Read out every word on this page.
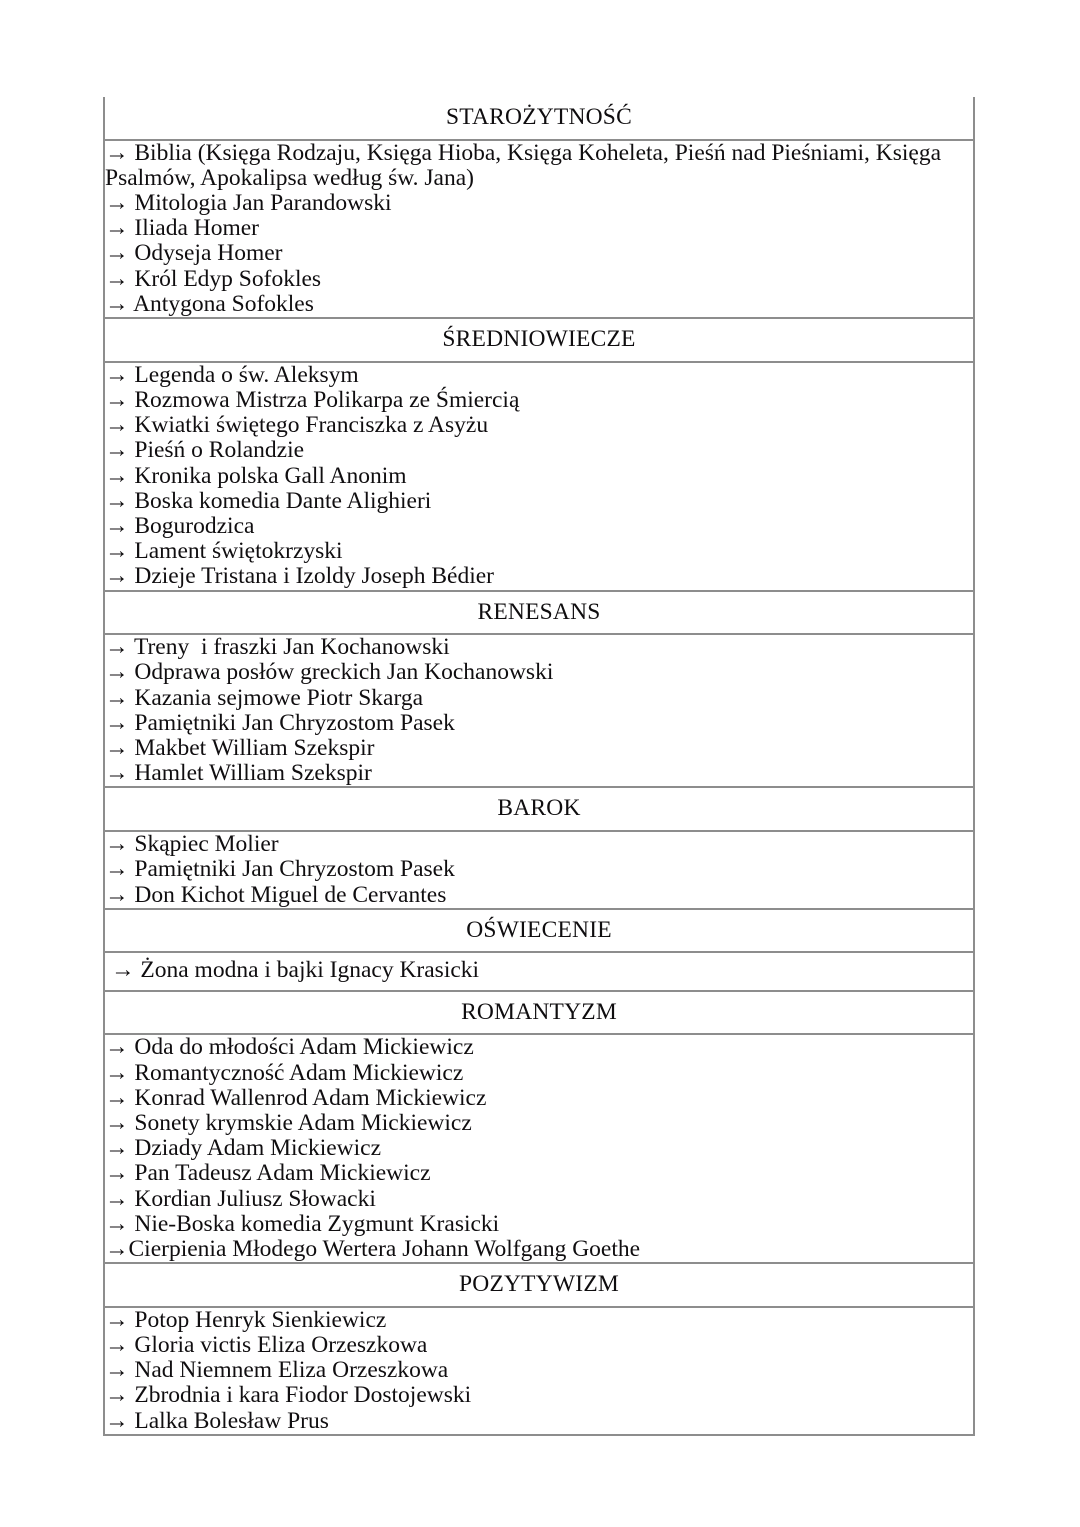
STAROŻYTNOŚĆ

→ Biblia (Księga Rodzaju, Księga Hioba, Księga Koheleta, Pieśń nad Pieśniami, Księga Psalmów, Apokalipsa według św. Jana)
→ Mitologia Jan Parandowski
→ Iliada Homer
→ Odyseja Homer
→ Król Edyp Sofokles
→ Antygona Sofokles

ŚREDNIOWIECZE

→ Legenda o św. Aleksym
→ Rozmowa Mistrza Polikarpa ze Śmiercią
→ Kwiatki świętego Franciszka z Asyżu
→ Pieśń o Rolandzie
→ Kronika polska Gall Anonim
→ Boska komedia Dante Alighieri
→ Bogurodzica
→ Lament świętokrzyski
→ Dzieje Tristana i Izoldy Joseph Bédier

RENESANS

→ Treny  i fraszki Jan Kochanowski
→ Odprawa posłów greckich Jan Kochanowski
→ Kazania sejmowe Piotr Skarga
→ Pamiętniki Jan Chryzostom Pasek
→ Makbet William Szekspir
→ Hamlet William Szekspir

BAROK

→ Skąpiec Molier
→ Pamiętniki Jan Chryzostom Pasek
→ Don Kichot Miguel de Cervantes

OŚWIECENIE

→ Żona modna i bajki Ignacy Krasicki

ROMANTYZM

→ Oda do młodości Adam Mickiewicz
→ Romantyczność Adam Mickiewicz
→ Konrad Wallenrod Adam Mickiewicz
→ Sonety krymskie Adam Mickiewicz
→ Dziady Adam Mickiewicz
→ Pan Tadeusz Adam Mickiewicz
→ Kordian Juliusz Słowacki
→ Nie-Boska komedia Zygmunt Krasicki
→Cierpienia Młodego Wertera Johann Wolfgang Goethe

POZYTYWIZM

→ Potop Henryk Sienkiewicz
→ Gloria victis Eliza Orzeszkowa
→ Nad Niemnem Eliza Orzeszkowa
→ Zbrodnia i kara Fiodor Dostojewski
→ Lalka Bolesław Prus
